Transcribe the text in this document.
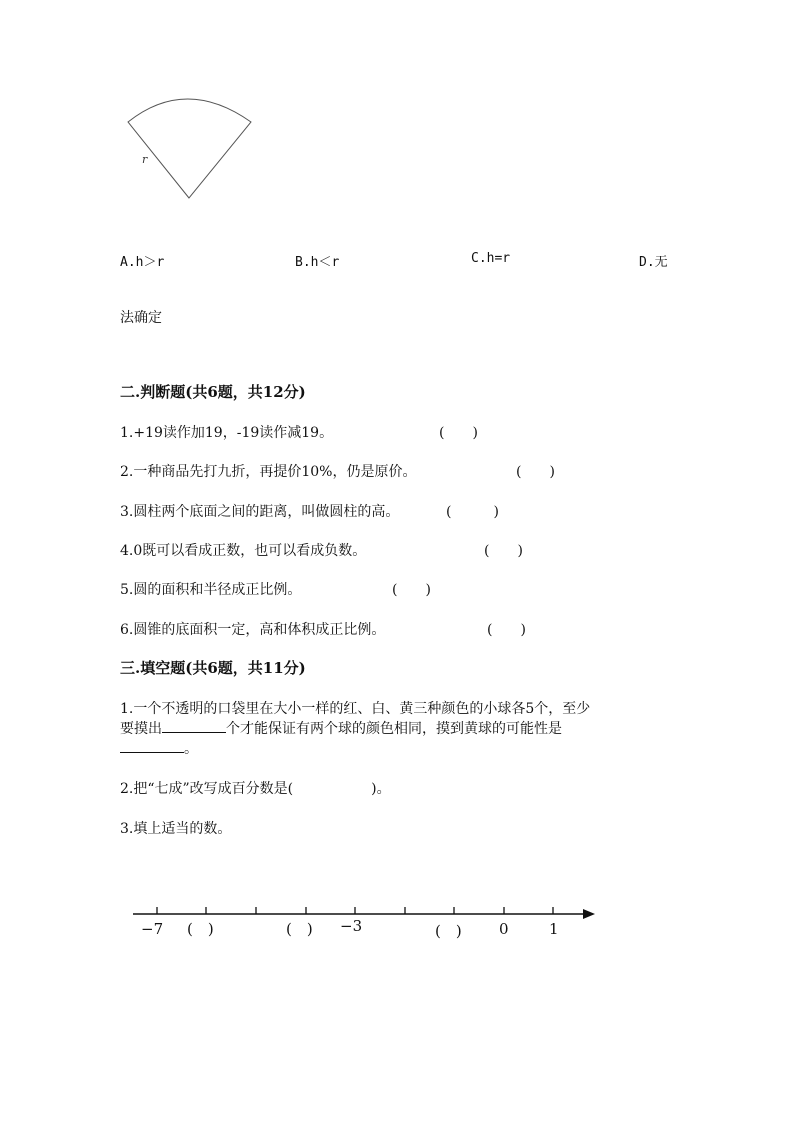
r
A.h＞r	B.h＜r	C.h=r	D.无
法确定
二.判断题(共6题，共12分)
1.+19读作加19，-19读作减19。	(　　)
2.一种商品先打九折，再提价10%，仍是原价。	(　　)
3.圆柱两个底面之间的距离，叫做圆柱的高。	(　　　)
4.0既可以看成正数，也可以看成负数。	(　　)
5.圆的面积和半径成正比例。	(　　)
6.圆锥的底面积一定，高和体积成正比例。	(　　)
三.填空题(共6题，共11分)
1.一个不透明的口袋里在大小一样的红、白、黄三种颜色的小球各5个，至少
要摸出	个才能保证有两个球的颜色相同，摸到黄球的可能性是
。
2.把“七成”改写成百分数是(	)。
3.填上适当的数。
−7 (　)	(　) −3	(　) 0	1
